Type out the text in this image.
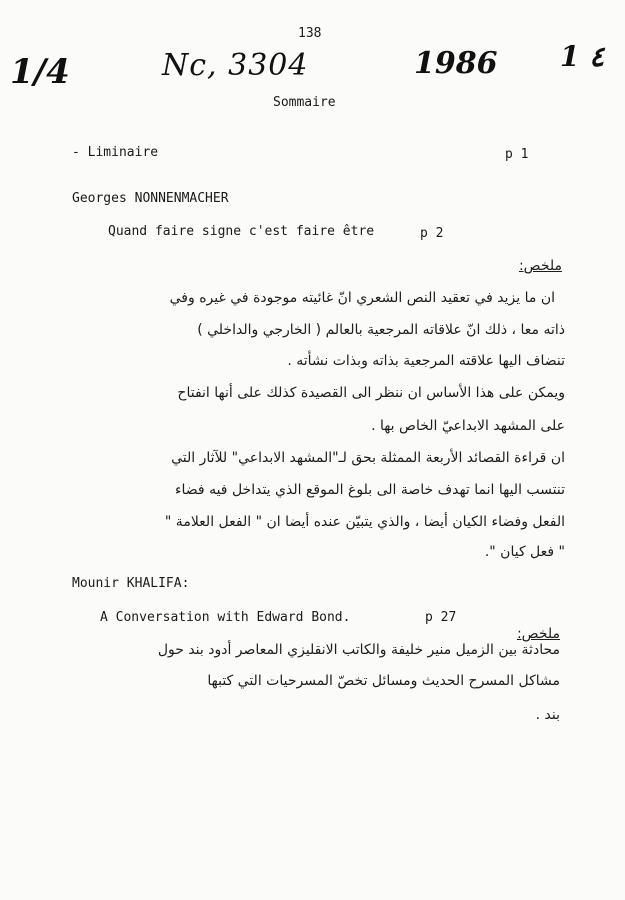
138
1/4	Nc, 3304	1986 1 ٤
Sommaire
- Liminaire	p 1
Georges NONNENMACHER
Quand faire signe c'est faire être	p 2
ملخص:
ان ما يزيد في تعقيد النص الشعري انّ غائيته موجودة في غيره وفي
ذاته معا ، ذلك انّ علاقاته المرجعية بالعالم ( الخارجي والداخلي )
تنضاف اليها علاقته المرجعية بذاته وبذات نشأته .
ويمكن على هذا الأساس ان ننظر الى القصيدة كذلك على أنها انفتاح
على المشهد الابداعيّ الخاص بها .
ان قراءة القصائد الأربعة الممثلة بحق لـ"المشهد الابداعي" للآثار التي
تنتسب اليها انما تهدف خاصة الى بلوغ الموقع الذي يتداخل فيه فضاء
الفعل وفضاء الكيان أيضا ، والذي يتبيّن عنده أيضا ان " الفعل العلامة "
" فعل كيان ".
Mounir KHALIFA:
A Conversation with Edward Bond.	p 27
ملخص:
محادثة بين الزميل منير خليفة والكاتب الانقليزي المعاصر أدود بند حول
مشاكل المسرح الحديث ومسائل تخصّ المسرحيات التي كتبها
بند .
